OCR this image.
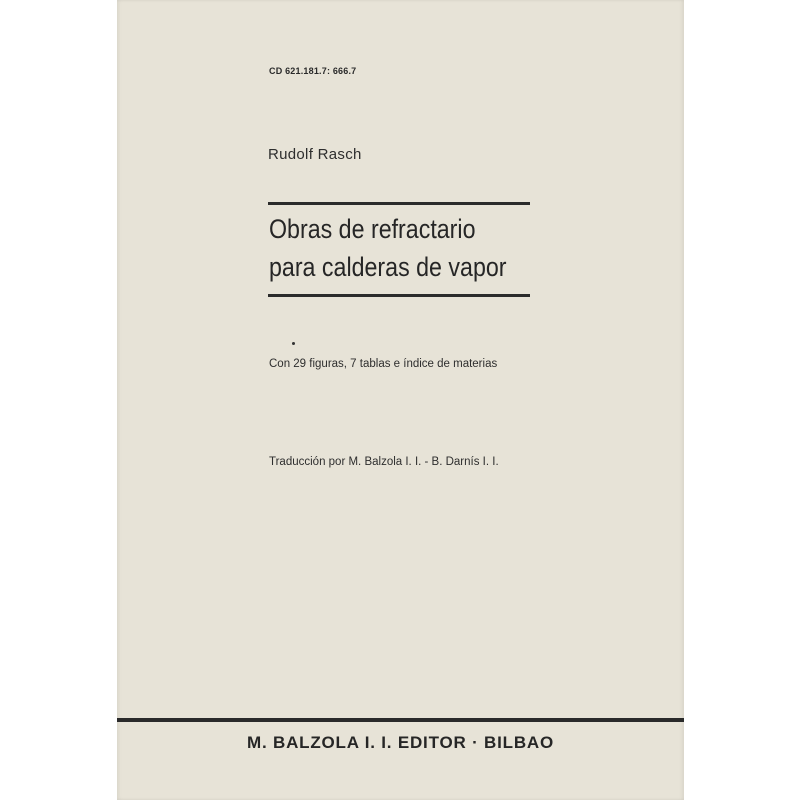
CD 621.181.7: 666.7
Rudolf Rasch
Obras de refractario
para calderas de vapor
Con 29 figuras, 7 tablas e índice de materias
Traducción por M. Balzola I. I. - B. Darnís I. I.
M. BALZOLA I. I. EDITOR · BILBAO
